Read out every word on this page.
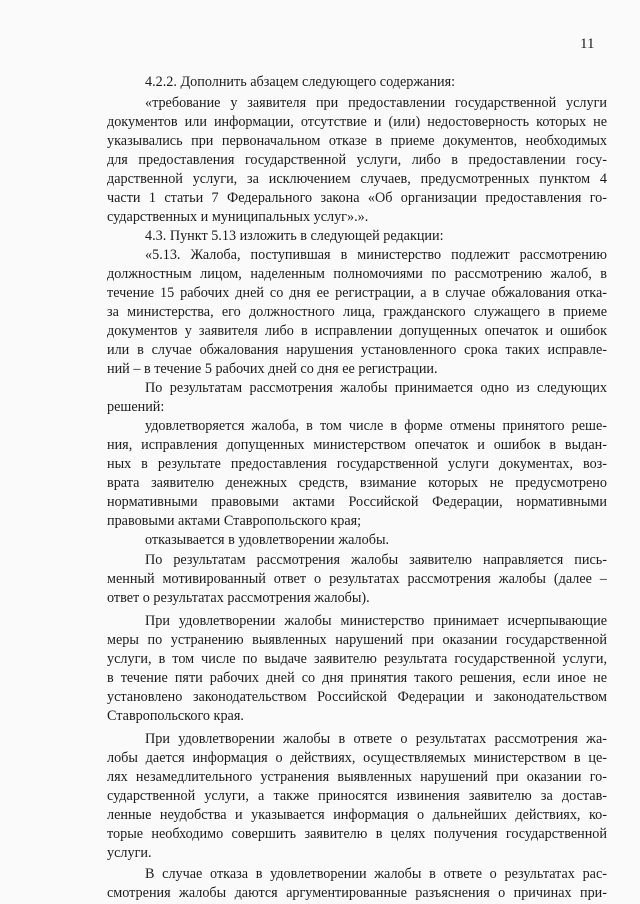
11
4.2.2. Дополнить абзацем следующего содержания:
«требование у заявителя при предоставлении государственной услуги
документов или информации, отсутствие и (или) недостоверность которых не
указывались при первоначальном отказе в приеме документов, необходимых
для предоставления государственной услуги, либо в предоставлении госу-
дарственной услуги, за исключением случаев, предусмотренных пунктом 4
части 1 статьи 7 Федерального закона «Об организации предоставления го-
сударственных и муниципальных услуг».».
4.3. Пункт 5.13 изложить в следующей редакции:
«5.13. Жалоба, поступившая в министерство подлежит рассмотрению
должностным лицом, наделенным полномочиями по рассмотрению жалоб, в
течение 15 рабочих дней со дня ее регистрации, а в случае обжалования отка-
за министерства, его должностного лица, гражданского служащего в приеме
документов у заявителя либо в исправлении допущенных опечаток и ошибок
или в случае обжалования нарушения установленного срока таких исправле-
ний – в течение 5 рабочих дней со дня ее регистрации.
По результатам рассмотрения жалобы принимается одно из следующих
решений:
удовлетворяется жалоба, в том числе в форме отмены принятого реше-
ния, исправления допущенных министерством опечаток и ошибок в выдан-
ных в результате предоставления государственной услуги документах, воз-
врата заявителю денежных средств, взимание которых не предусмотрено
нормативными правовыми актами Российской Федерации, нормативными
правовыми актами Ставропольского края;
отказывается в удовлетворении жалобы.
По результатам рассмотрения жалобы заявителю направляется пись-
менный мотивированный ответ о результатах рассмотрения жалобы (далее –
ответ о результатах рассмотрения жалобы).
При удовлетворении жалобы министерство принимает исчерпывающие
меры по устранению выявленных нарушений при оказании государственной
услуги, в том числе по выдаче заявителю результата государственной услуги,
в течение пяти рабочих дней со дня принятия такого решения, если иное не
установлено законодательством Российской Федерации и законодательством
Ставропольского края.
При удовлетворении жалобы в ответе о результатах рассмотрения жа-
лобы дается информация о действиях, осуществляемых министерством в це-
лях незамедлительного устранения выявленных нарушений при оказании го-
сударственной услуги, а также приносятся извинения заявителю за достав-
ленные неудобства и указывается информация о дальнейших действиях, ко-
торые необходимо совершить заявителю в целях получения государственной
услуги.
В случае отказа в удовлетворении жалобы в ответе о результатах рас-
смотрения жалобы даются аргументированные разъяснения о причинах при-
